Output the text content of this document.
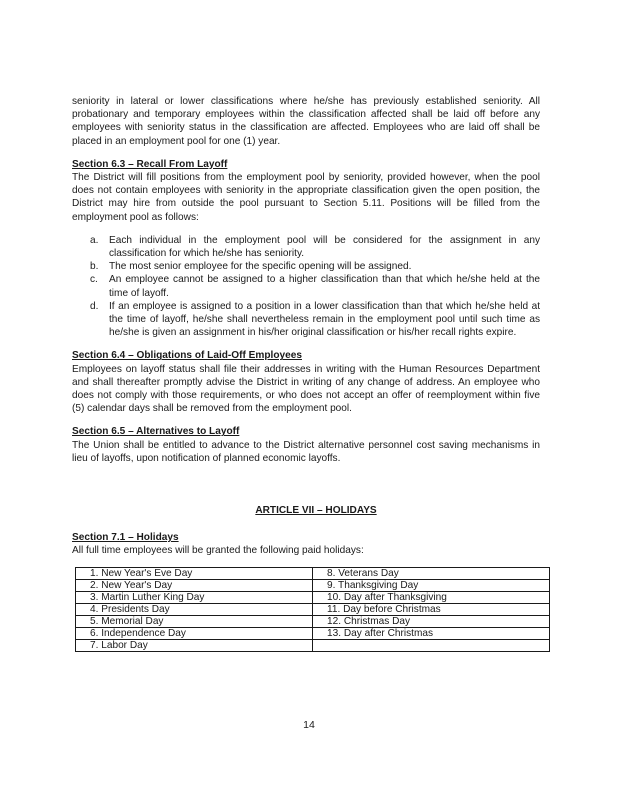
seniority in lateral or lower classifications where he/she has previously established seniority. All probationary and temporary employees within the classification affected shall be laid off before any employees with seniority status in the classification are affected. Employees who are laid off shall be placed in an employment pool for one (1) year.

Section 6.3 – Recall From Layoff

The District will fill positions from the employment pool by seniority, provided however, when the pool does not contain employees with seniority in the appropriate classification given the open position, the District may hire from outside the pool pursuant to Section 5.11. Positions will be filled from the employment pool as follows:

a.	Each individual in the employment pool will be considered for the assignment in any classification for which he/she has seniority.
b.	The most senior employee for the specific opening will be assigned.
c.	An employee cannot be assigned to a higher classification than that which he/she held at the time of layoff.
d.	If an employee is assigned to a position in a lower classification than that which he/she held at the time of layoff, he/she shall nevertheless remain in the employment pool until such time as he/she is given an assignment in his/her original classification or his/her recall rights expire.

Section 6.4 – Obligations of Laid-Off Employees

Employees on layoff status shall file their addresses in writing with the Human Resources Department and shall thereafter promptly advise the District in writing of any change of address. An employee who does not comply with those requirements, or who does not accept an offer of reemployment within five (5) calendar days shall be removed from the employment pool.

Section 6.5 – Alternatives to Layoff

The Union shall be entitled to advance to the District alternative personnel cost saving mechanisms in lieu of layoffs, upon notification of planned economic layoffs.

ARTICLE VII – HOLIDAYS

Section 7.1 – Holidays

All full time employees will be granted the following paid holidays:

1. New Year's Eve Day	8. Veterans Day
2. New Year's Day	9. Thanksgiving Day
3. Martin Luther King Day	10. Day after Thanksgiving
4. Presidents Day	11. Day before Christmas
5. Memorial Day	12. Christmas Day
6. Independence Day	13. Day after Christmas
7. Labor Day	
14
